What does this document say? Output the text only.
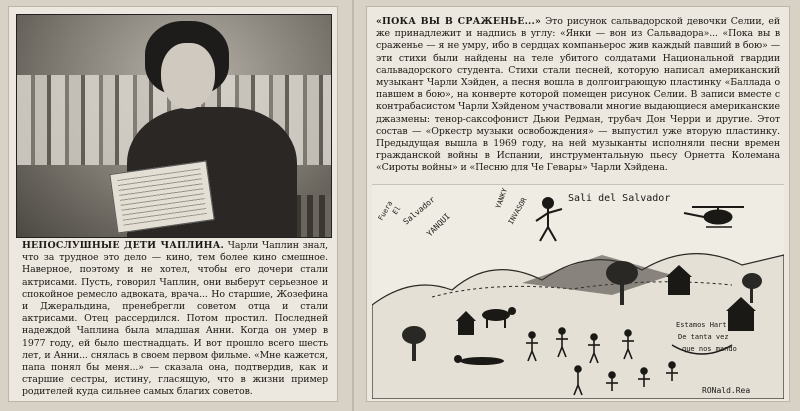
НЕПОСЛУШНЫЕ ДЕТИ ЧАПЛИНА. Чарли Чаплин знал, что за трудное это дело — кино, тем более кино смешное. Наверное, поэтому и не хотел, чтобы его дочери стали актрисами. Пусть, говорил Чаплин, они выберут серьезное и спокойное ремесло адвоката, врача... Но старшие, Жозефина и Джеральдина, пренебрегли советом отца и стали актрисами. Отец рассердился. Потом простил. Последней надеждой Чаплина была младшая Анни. Когда он умер в 1977 году, ей было шестнадцать. И вот прошло всего шесть лет, и Анни... снялась в своем первом фильме. «Мне кажется, папа понял бы меня...» — сказала она, подтвердив, как и старшие сестры, истину, гласящую, что в жизни пример родителей куда сильнее самых благих советов.

«ПОКА ВЫ В СРАЖЕНЬЕ...» Это рисунок сальвадорской девочки Селии, ей же принадлежит и надпись в углу: «Янки — вон из Сальвадора»... «Пока вы в сраженье — я не умру, ибо в сердцах компаньерос жив каждый павший в бою» — эти стихи были найдены на теле убитого солдатами Национальной гвардии сальвадорского студента. Стихи стали песней, которую написал американский музыкант Чарли Хэйден, а песня вошла в долгоиграющую пластинку «Баллада о павшем в бою», на конверте которой помещен рисунок Селии. В записи вместе с контрабасистом Чарли Хэйденом участвовали многие выдающиеся американские джазмены: тенор-саксофонист Дьюи Редман, трубач Дон Черри и другие. Этот состав — «Оркестр музыки освобождения» — выпустил уже вторую пластинку. Предыдущая вышла в 1969 году, на ней музыканты исполняли песни времен гражданской войны в Испании, инструментальную пьесу Орнетта Колемана «Сироты войны» и «Песню для Че Гевары» Чарли Хэйдена.

Sali del Salvador
Fuera
El Salvador
YANQUI
YANKY
INVASOR
Estamos Hart
De tanta vez
que nos mando
RONald.Rea
